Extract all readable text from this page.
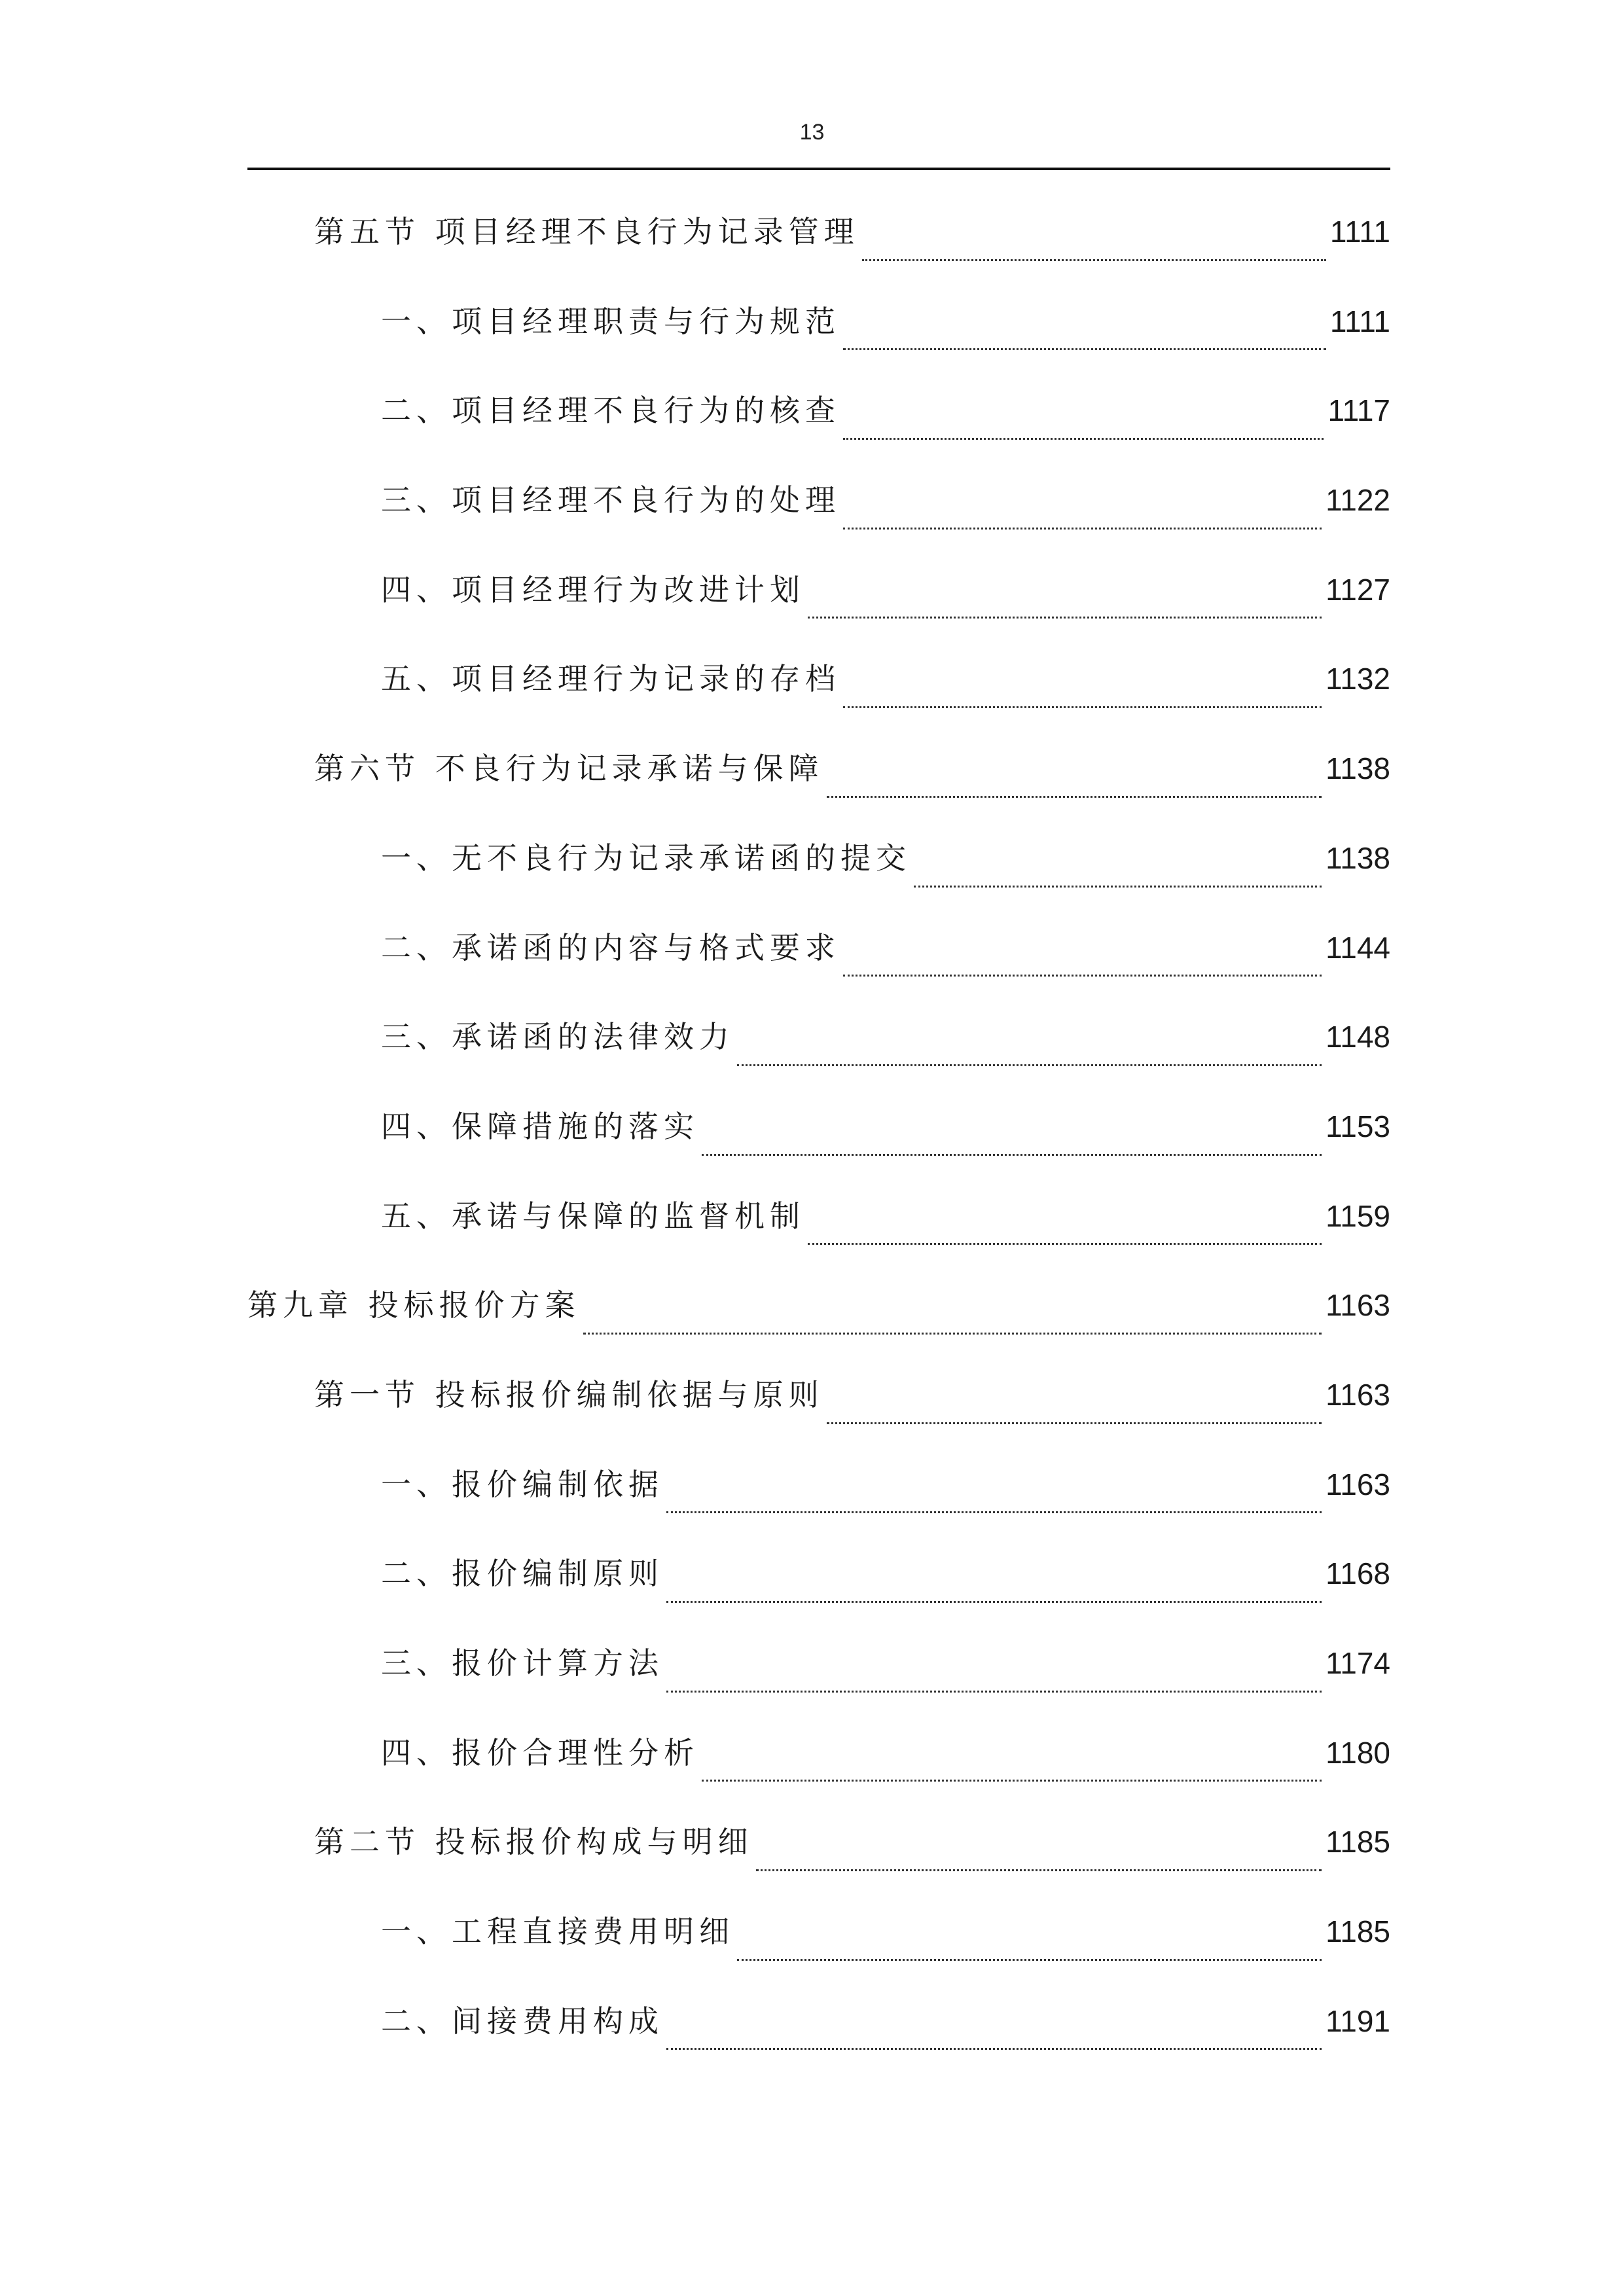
13
第五节 项目经理不良行为记录管理	1111
一、项目经理职责与行为规范	1111
二、项目经理不良行为的核查	1117
三、项目经理不良行为的处理	1122
四、项目经理行为改进计划	1127
五、项目经理行为记录的存档	1132
第六节 不良行为记录承诺与保障	1138
一、无不良行为记录承诺函的提交	1138
二、承诺函的内容与格式要求	1144
三、承诺函的法律效力	1148
四、保障措施的落实	1153
五、承诺与保障的监督机制	1159
第九章 投标报价方案	1163
第一节 投标报价编制依据与原则	1163
一、报价编制依据	1163
二、报价编制原则	1168
三、报价计算方法	1174
四、报价合理性分析	1180
第二节 投标报价构成与明细	1185
一、工程直接费用明细	1185
二、间接费用构成	1191
